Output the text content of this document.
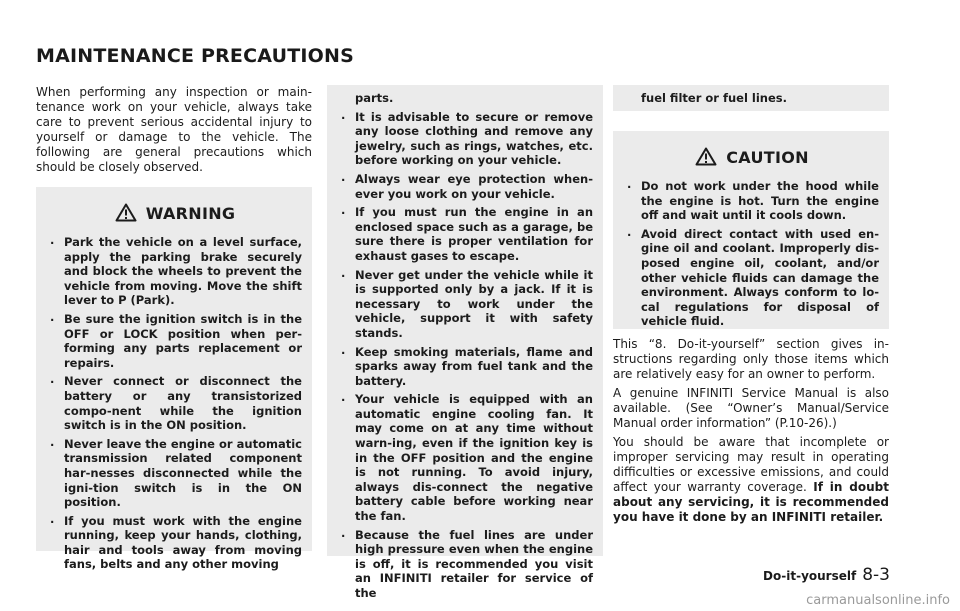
MAINTENANCE PRECAUTIONS

When performing any inspection or main-tenance work on your vehicle, always take care to prevent serious accidental injury to yourself or damage to the vehicle. The following are general precautions which should be closely observed.

WARNING
. Park the vehicle on a level surface, apply the parking brake securely and block the wheels to prevent the vehicle from moving. Move the shift lever to P (Park).
. Be sure the ignition switch is in the OFF or LOCK position when per-forming any parts replacement or repairs.
. Never connect or disconnect the battery or any transistorized compo-nent while the ignition switch is in the ON position.
. Never leave the engine or automatic transmission related component har-nesses disconnected while the igni-tion switch is in the ON position.
. If you must work with the engine running, keep your hands, clothing, hair and tools away from moving fans, belts and any other moving
parts.
. It is advisable to secure or remove any loose clothing and remove any jewelry, such as rings, watches, etc. before working on your vehicle.
. Always wear eye protection when-ever you work on your vehicle.
. If you must run the engine in an enclosed space such as a garage, be sure there is proper ventilation for exhaust gases to escape.
. Never get under the vehicle while it is supported only by a jack. If it is necessary to work under the vehicle, support it with safety stands.
. Keep smoking materials, flame and sparks away from fuel tank and the battery.
. Your vehicle is equipped with an automatic engine cooling fan. It may come on at any time without warn-ing, even if the ignition key is in the OFF position and the engine is not running. To avoid injury, always dis-connect the negative battery cable before working near the fan.
. Because the fuel lines are under high pressure even when the engine is off, it is recommended you visit an INFINITI retailer for service of the
fuel filter or fuel lines.
CAUTION
. Do not work under the hood while the engine is hot. Turn the engine off and wait until it cools down.
. Avoid direct contact with used en-gine oil and coolant. Improperly dis-posed engine oil, coolant, and/or other vehicle fluids can damage the environment. Always conform to lo-cal regulations for disposal of vehicle fluid.

This “8. Do-it-yourself” section gives in-structions regarding only those items which are relatively easy for an owner to perform.

A genuine INFINITI Service Manual is also available. (See “Owner’s Manual/Service Manual order information” (P.10-26).)

You should be aware that incomplete or improper servicing may result in operating difficulties or excessive emissions, and could affect your warranty coverage. If in doubt about any servicing, it is recommended you have it done by an INFINITI retailer.

Do-it-yourself 8-3
carmanualsonline.info
